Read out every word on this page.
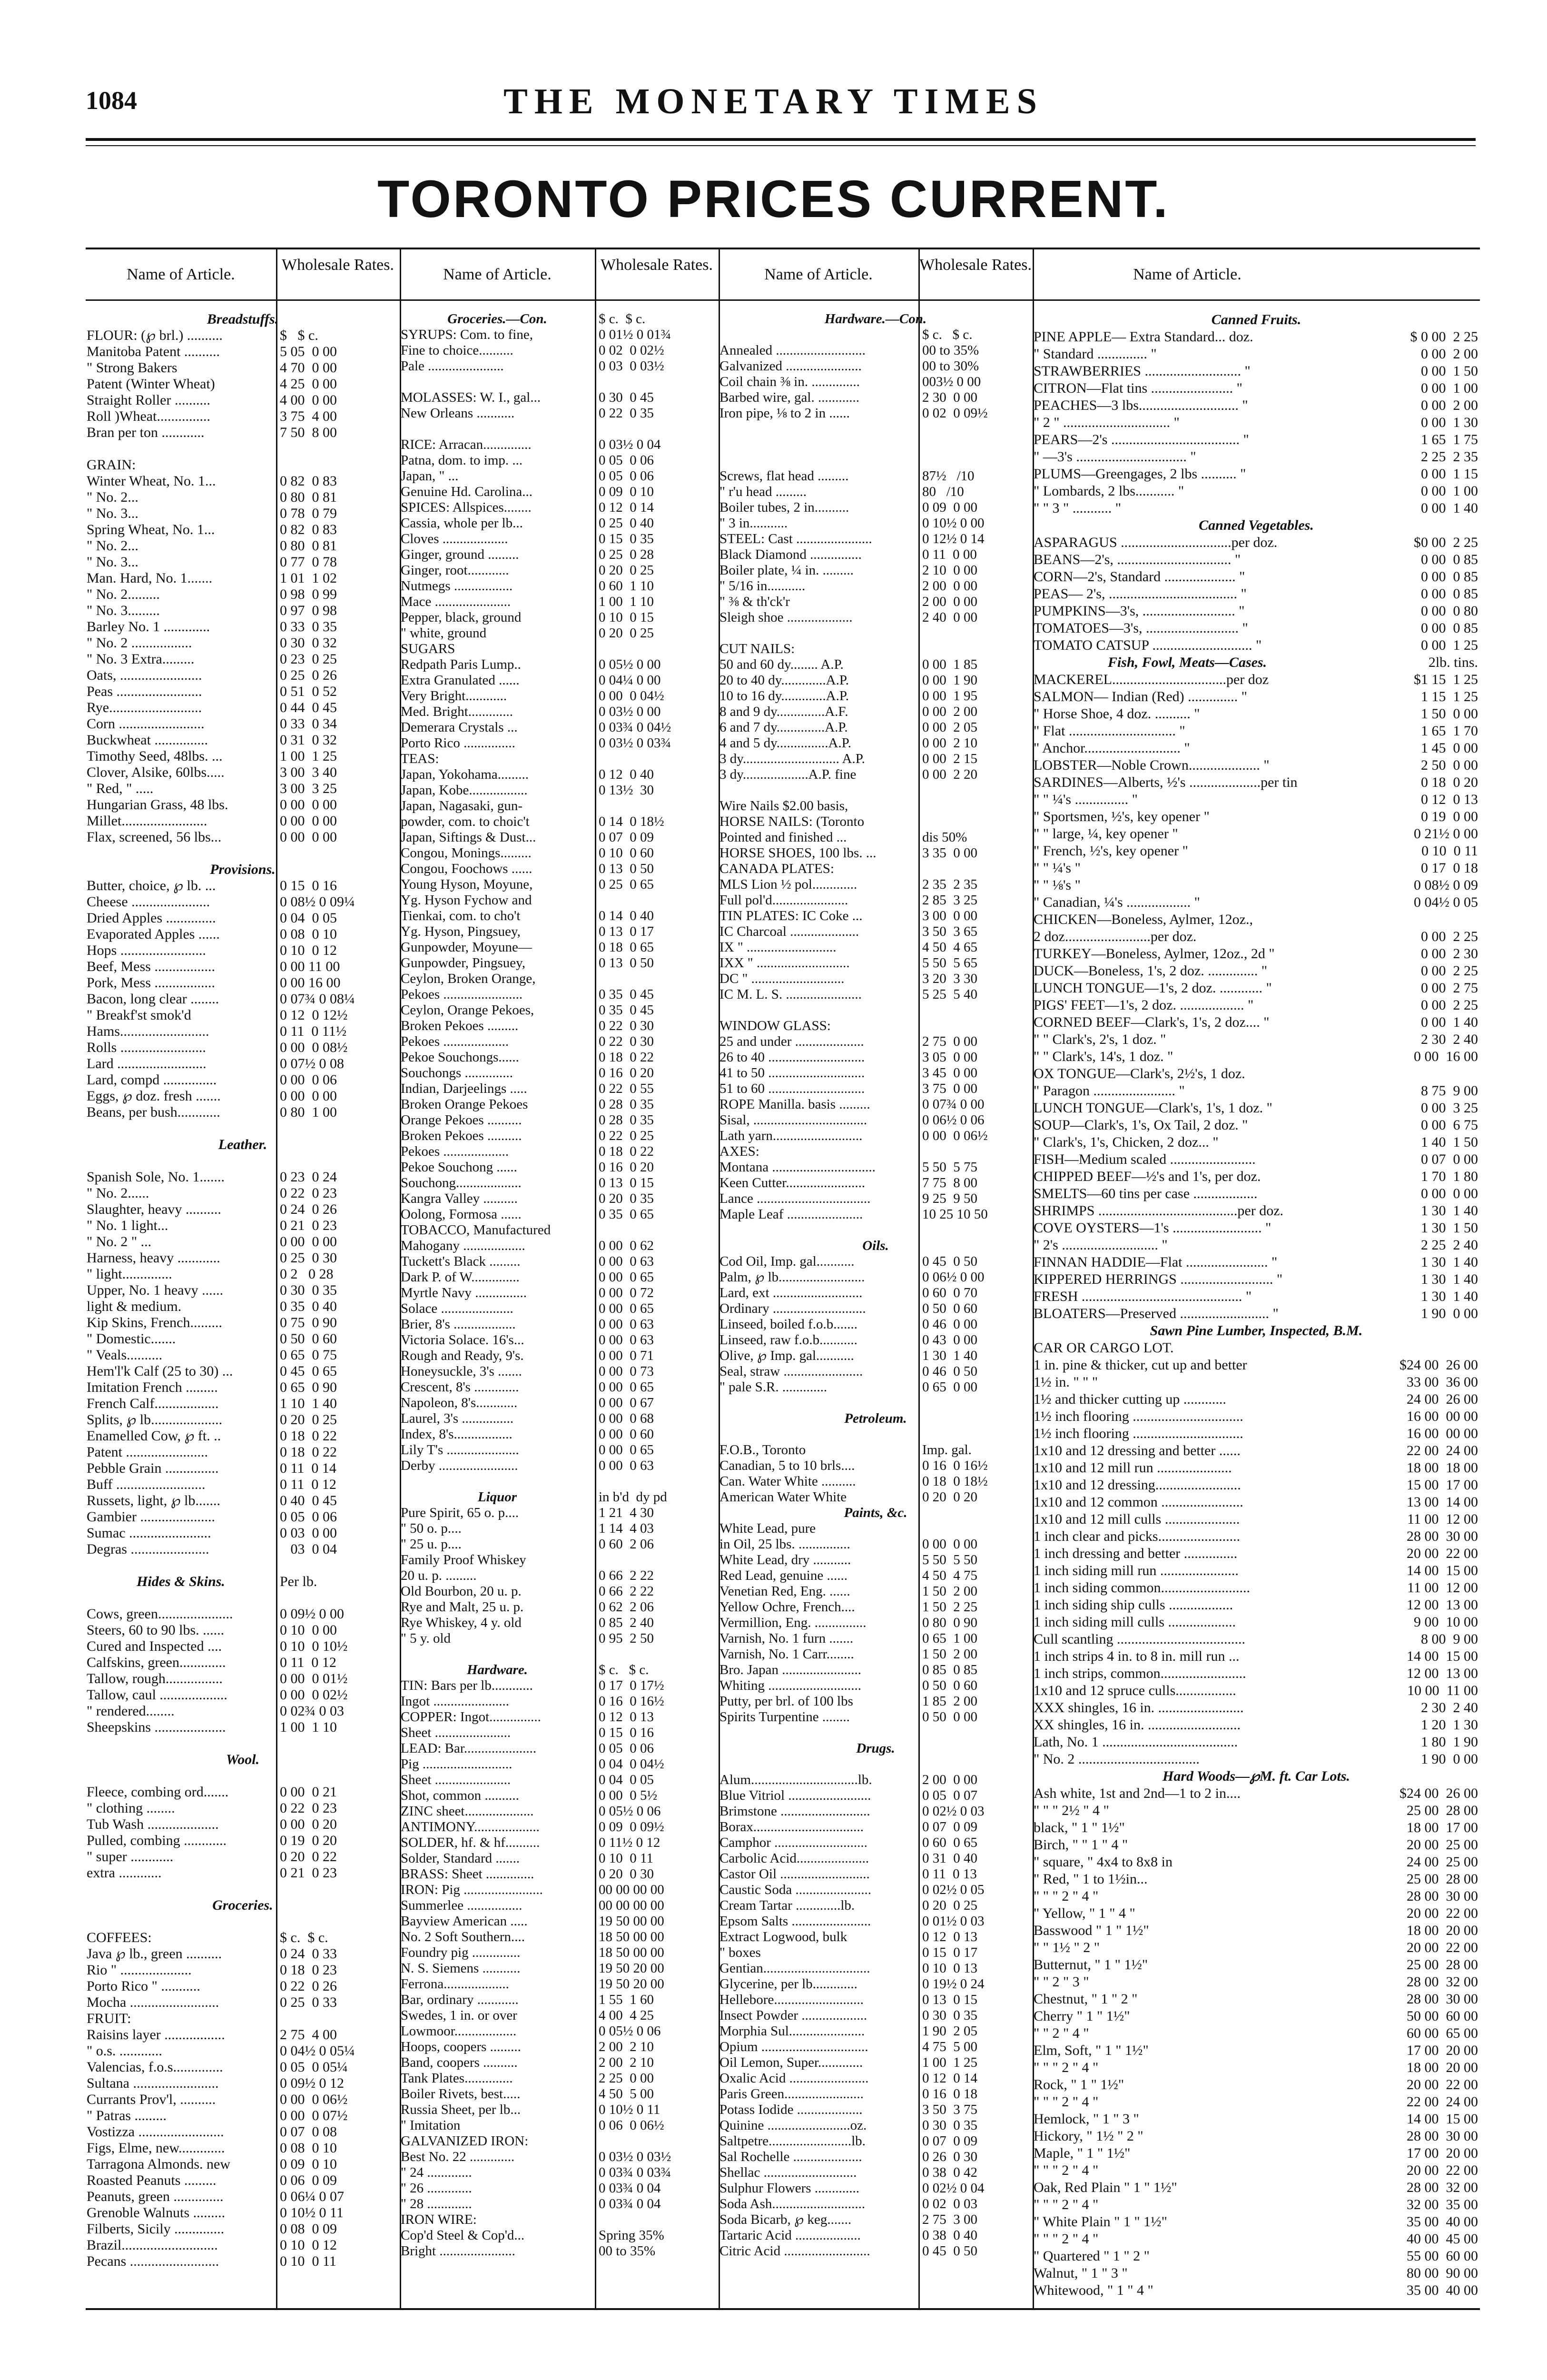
1084	THE MONETARY TIMES
TORONTO PRICES CURRENT.
Name of Article.
Wholesale Rates.
Name of Article.
Wholesale Rates.
Name of Article.
Wholesale Rates.
Name of Article.
Breadstuffs.
FLOUR: (℘ brl.) ..........	$   $ c.
Manitoba Patent ..........	5 05  0 00
" Strong Bakers	4 70  0 00
Patent (Winter Wheat)	4 25  0 00
Straight Roller ..........	4 00  0 00
Roll )Wheat...............	3 75  4 00
Bran per ton ............	7 50  8 00
GRAIN:
Winter Wheat, No. 1...	0 82  0 83
" No. 2...	0 80  0 81
" No. 3...	0 78  0 79
Spring Wheat, No. 1...	0 82  0 83
" No. 2...	0 80  0 81
" No. 3...	0 77  0 78
Man. Hard, No. 1.......	1 01  1 02
" No. 2.........	0 98  0 99
" No. 3.........	0 97  0 98
Barley No. 1 .............	0 33  0 35
" No. 2 .................	0 30  0 32
" No. 3 Extra.........	0 23  0 25
Oats, .......................	0 25  0 26
Peas ........................	0 51  0 52
Rye..........................	0 44  0 45
Corn ........................	0 33  0 34
Buckwheat ...............	0 31  0 32
Timothy Seed, 48lbs. ...	1 00  1 25
Clover, Alsike, 60lbs.....	3 00  3 40
" Red, " .....	3 00  3 25
Hungarian Grass, 48 lbs.	0 00  0 00
Millet........................	0 00  0 00
Flax, screened, 56 lbs...	0 00  0 00
Provisions.
Butter, choice, ℘ lb. ...	0 15  0 16
Cheese ......................	0 08½ 0 09¼
Dried Apples ..............	0 04  0 05
Evaporated Apples ......	0 08  0 10
Hops ........................	0 10  0 12
Beef, Mess .................	0 00 11 00
Pork, Mess .................	0 00 16 00
Bacon, long clear ........	0 07¾ 0 08¼
" Breakf'st smok'd	0 12  0 12½
Hams.........................	0 11  0 11½
Rolls ........................	0 00  0 08½
Lard .........................	0 07½ 0 08
Lard, compd ...............	0 00  0 06
Eggs, ℘ doz. fresh .......	0 00  0 00
Beans, per bush............	0 80  1 00
Leather.
Spanish Sole, No. 1.......	0 23  0 24
" No. 2......	0 22  0 23
Slaughter, heavy ..........	0 24  0 26
" No. 1 light...	0 21  0 23
" No. 2 " ...	0 00  0 00
Harness, heavy ............	0 25  0 30
" light..............	0 2   0 28
Upper, No. 1 heavy ......	0 30  0 35
light & medium.	0 35  0 40
Kip Skins, French.........	0 75  0 90
" Domestic.......	0 50  0 60
" Veals..........	0 65  0 75
Hem'l'k Calf (25 to 30) ...	0 45  0 65
Imitation French .........	0 65  0 90
French Calf..................	1 10  1 40
Splits, ℘ lb....................	0 20  0 25
Enamelled Cow, ℘ ft. ..	0 18  0 22
Patent .......................	0 18  0 22
Pebble Grain ...............	0 11  0 14
Buff .........................	0 11  0 12
Russets, light, ℘ lb.......	0 40  0 45
Gambier .....................	0 05  0 06
Sumac .......................	0 03  0 00
Degras ......................	03  0 04
Hides & Skins.	Per lb.
Cows, green.....................	0 09½ 0 00
Steers, 60 to 90 lbs. ......	0 10  0 00
Cured and Inspected ....	0 10  0 10½
Calfskins, green.............	0 11  0 12
Tallow, rough................	0 00  0 01½
Tallow, caul ...................	0 00  0 02½
" rendered........	0 02¾ 0 03
Sheepskins ....................	1 00  1 10
Wool.
Fleece, combing ord.......	0 00  0 21
" clothing ........	0 22  0 23
Tub Wash ....................	0 00  0 20
Pulled, combing ............	0 19  0 20
" super ............	0 20  0 22
extra ............	0 21  0 23
Groceries.
COFFEES:	$ c.  $ c.
Java ℘ lb., green ..........	0 24  0 33
Rio " ....................	0 18  0 23
Porto Rico " ...........	0 22  0 26
Mocha .........................	0 25  0 33
FRUIT:
Raisins layer .................	2 75  4 00
" o.s. ............	0 04½ 0 05¼
Valencias, f.o.s..............	0 05  0 05¼
Sultana ........................	0 09½ 0 12
Currants Prov'l, ..........	0 00  0 06½
" Patras .........	0 00  0 07½
Vostizza ........................	0 07  0 08
Figs, Elme, new.............	0 08  0 10
Tarragona Almonds. new	0 09  0 10
Roasted Peanuts .........	0 06  0 09
Peanuts, green ..............	0 06¼ 0 07
Grenoble Walnuts .........	0 10½ 0 11
Filberts, Sicily ..............	0 08  0 09
Brazil...........................	0 10  0 12
Pecans .........................	0 10  0 11
Groceries.—Con.	$ c.  $ c.
SYRUPS: Com. to fine,	0 01½ 0 01¾
Fine to choice..........	0 02  0 02½
Pale ......................	0 03  0 03½
MOLASSES: W. I., gal...	0 30  0 45
New Orleans ...........	0 22  0 35
RICE: Arracan..............	0 03½ 0 04
Patna, dom. to imp. ...	0 05  0 06
Japan, " ...	0 05  0 06
Genuine Hd. Carolina...	0 09  0 10
SPICES: Allspices........	0 12  0 14
Cassia, whole per lb...	0 25  0 40
Cloves ...................	0 15  0 35
Ginger, ground .........	0 25  0 28
Ginger, root............	0 20  0 25
Nutmegs .................	0 60  1 10
Mace ......................	1 00  1 10
Pepper, black, ground	0 10  0 15
" white, ground	0 20  0 25
SUGARS
Redpath Paris Lump..	0 05½ 0 00
Extra Granulated ......	0 04¼ 0 00
Very Bright............	0 00  0 04½
Med. Bright.............	0 03½ 0 00
Demerara Crystals ...	0 03¾ 0 04½
Porto Rico ...............	0 03½ 0 03¾
TEAS:
Japan, Yokohama.........	0 12  0 40
Japan, Kobe.................	0 13½  30
Japan, Nagasaki, gun-
powder, com. to choic't	0 14  0 18½
Japan, Siftings & Dust...	0 07  0 09
Congou, Monings.........	0 10  0 60
Congou, Foochows ......	0 13  0 50
Young Hyson, Moyune,	0 25  0 65
Yg. Hyson Fychow and
Tienkai, com. to cho't	0 14  0 40
Yg. Hyson, Pingsuey,	0 13  0 17
Gunpowder, Moyune—	0 18  0 65
Gunpowder, Pingsuey,	0 13  0 50
Ceylon, Broken Orange,
Pekoes .......................	0 35  0 45
Ceylon, Orange Pekoes,	0 35  0 45
Broken Pekoes .........	0 22  0 30
Pekoes ...................	0 22  0 30
Pekoe Souchongs......	0 18  0 22
Souchongs ..............	0 16  0 20
Indian, Darjeelings .....	0 22  0 55
Broken Orange Pekoes	0 28  0 35
Orange Pekoes ..........	0 28  0 35
Broken Pekoes ..........	0 22  0 25
Pekoes ...................	0 18  0 22
Pekoe Souchong ......	0 16  0 20
Souchong...................	0 13  0 15
Kangra Valley ..........	0 20  0 35
Oolong, Formosa ......	0 35  0 65
TOBACCO, Manufactured
Mahogany ..................	0 00  0 62
Tuckett's Black .........	0 00  0 63
Dark P. of W..............	0 00  0 65
Myrtle Navy ...............	0 00  0 72
Solace .....................	0 00  0 65
Brier, 8's ..................	0 00  0 63
Victoria Solace. 16's...	0 00  0 63
Rough and Ready, 9's.	0 00  0 71
Honeysuckle, 3's .......	0 00  0 73
Crescent, 8's .............	0 00  0 65
Napoleon, 8's............	0 00  0 67
Laurel, 3's ...............	0 00  0 68
Index, 8's.................	0 00  0 60
Lily T's .....................	0 00  0 65
Derby .......................	0 00  0 63
Liquor	in b'd  dy pd
Pure Spirit, 65 o. p....	1 21  4 30
" 50 o. p....	1 14  4 03
" 25 u. p....	0 60  2 06
Family Proof Whiskey
20 u. p. .........	0 66  2 22
Old Bourbon, 20 u. p.	0 66  2 22
Rye and Malt, 25 u. p.	0 62  2 06
Rye Whiskey, 4 y. old	0 85  2 40
" 5 y. old	0 95  2 50
Hardware.	$ c.   $ c.
TIN: Bars per lb............	0 17  0 17½
Ingot ......................	0 16  0 16½
COPPER: Ingot...............	0 12  0 13
Sheet ......................	0 15  0 16
LEAD: Bar.....................	0 05  0 06
Pig ..........................	0 04  0 04½
Sheet ......................	0 04  0 05
Shot, common ..........	0 00  0 5½
ZINC sheet....................	0 05½ 0 06
ANTIMONY...................	0 09  0 09½
SOLDER, hf. & hf..........	0 11½ 0 12
Solder, Standard .......	0 10  0 11
BRASS: Sheet ..............	0 20  0 30
IRON: Pig .......................	00 00 00 00
Summerlee ................	00 00 00 00
Bayview American .....	19 50 00 00
No. 2 Soft Southern....	18 50 00 00
Foundry pig ..............	18 50 00 00
N. S. Siemens ...........	19 50 20 00
Ferrona...................	19 50 20 00
Bar, ordinary ............	1 55  1 60
Swedes, 1 in. or over	4 00  4 25
Lowmoor..................	0 05½ 0 06
Hoops, coopers .........	2 00  2 10
Band, coopers ..........	2 00  2 10
Tank Plates..............	2 25  0 00
Boiler Rivets, best.....	4 50  5 00
Russia Sheet, per lb...	0 10½ 0 11
" Imitation	0 06  0 06½
GALVANIZED IRON:
Best No. 22 .............	0 03½ 0 03½
" 24 .............	0 03¾ 0 03¾
" 26 .............	0 03¾ 0 04
" 28 .............	0 03¾ 0 04
IRON WIRE:
Cop'd Steel & Cop'd...	Spring 35%
Bright ......................	00 to 35%
Hardware.—Con.
$ c.   $ c.
Annealed ..........................	00 to 35%
Galvanized ......................	00 to 30%
Coil chain ⅜ in. ..............	003½ 0 00
Barbed wire, gal. ............	2 30  0 00
Iron pipe, ⅛ to 2 in ......	0 02  0 09½
Screws, flat head .........	87½   /10
" r'u head .........	80   /10
Boiler tubes, 2 in..........	0 09  0 00
" 3 in...........	0 10½ 0 00
STEEL: Cast ......................	0 12½ 0 14
Black Diamond ...............	0 11  0 00
Boiler plate, ¼ in. .........	2 10  0 00
" 5/16 in...........	2 00  0 00
" ⅜ & th'ck'r	2 00  0 00
Sleigh shoe ...................	2 40  0 00
CUT NAILS:
50 and 60 dy........ A.P.	0 00  1 85
20 to 40 dy.............A.P.	0 00  1 90
10 to 16 dy.............A.P.	0 00  1 95
8 and 9 dy..............A.F.	0 00  2 00
6 and 7 dy..............A.P.	0 00  2 05
4 and 5 dy...............A.P.	0 00  2 10
3 dy............................ A.P.	0 00  2 15
3 dy...................A.P. fine	0 00  2 20
Wire Nails $2.00 basis,
HORSE NAILS: (Toronto
Pointed and finished ...	dis 50%
HORSE SHOES, 100 lbs. ...	3 35  0 00
CANADA PLATES:
MLS Lion ½ pol.............	2 35  2 35
Full pol'd......................	2 85  3 25
TIN PLATES: IC Coke ...	3 00  0 00
IC Charcoal ....................	3 50  3 65
IX " ..........................	4 50  4 65
IXX " ...........................	5 50  5 65
DC " ...........................	3 20  3 30
IC M. L. S. ......................	5 25  5 40
WINDOW GLASS:
25 and under ....................	2 75  0 00
26 to 40 ............................	3 05  0 00
41 to 50 ............................	3 45  0 00
51 to 60 ............................	3 75  0 00
ROPE Manilla. basis .........	0 07¾ 0 00
Sisal, .................................	0 06½ 0 06
Lath yarn..........................	0 00  0 06½
AXES:
Montana ..............................	5 50  5 75
Keen Cutter.......................	7 75  8 00
Lance .................................	9 25  9 50
Maple Leaf ......................	10 25 10 50
Oils.
Cod Oil, Imp. gal...........	0 45  0 50
Palm, ℘ lb.........................	0 06½ 0 00
Lard, ext ..........................	0 60  0 70
Ordinary ...........................	0 50  0 60
Linseed, boiled f.o.b.......	0 46  0 00
Linseed, raw f.o.b...........	0 43  0 00
Olive, ℘ Imp. gal...........	1 30  1 40
Seal, straw .......................	0 46  0 50
" pale S.R. .............	0 65  0 00
Petroleum.
F.O.B., Toronto	Imp. gal.
Canadian, 5 to 10 brls....	0 16  0 16½
Can. Water White ..........	0 18  0 18½
American Water White	0 20  0 20
Paints, &c.
White Lead, pure
in Oil, 25 lbs. ...............	0 00  0 00
White Lead, dry ...........	5 50  5 50
Red Lead, genuine ......	4 50  4 75
Venetian Red, Eng. ......	1 50  2 00
Yellow Ochre, French....	1 50  2 25
Vermillion, Eng. ...............	0 80  0 90
Varnish, No. 1 furn .......	0 65  1 00
Varnish, No. 1 Carr........	1 50  2 00
Bro. Japan .......................	0 85  0 85
Whiting ...........................	0 50  0 60
Putty, per brl. of 100 lbs	1 85  2 00
Spirits Turpentine ........	0 50  0 00
Drugs.
Alum...............................lb.	2 00  0 00
Blue Vitriol ........................	0 05  0 07
Brimstone ..........................	0 02½ 0 03
Borax................................	0 07  0 09
Camphor ...........................	0 60  0 65
Carbolic Acid.....................	0 31  0 40
Castor Oil ..........................	0 11  0 13
Caustic Soda ......................	0 02½ 0 05
Cream Tartar .............lb.	0 20  0 25
Epsom Salts .......................	0 01½ 0 03
Extract Logwood, bulk	0 12  0 13
" boxes	0 15  0 17
Gentian...............................	0 10  0 13
Glycerine, per lb.............	0 19½ 0 24
Hellebore..........................	0 13  0 15
Insect Powder ...................	0 30  0 35
Morphia Sul......................	1 90  2 05
Opium ...............................	4 75  5 00
Oil Lemon, Super.............	1 00  1 25
Oxalic Acid .......................	0 12  0 14
Paris Green.......................	0 16  0 18
Potass Iodide ...................	3 50  3 75
Quinine ........................oz.	0 30  0 35
Saltpetre........................lb.	0 07  0 09
Sal Rochelle ....................	0 26  0 30
Shellac ...........................	0 38  0 42
Sulphur Flowers .............	0 02½ 0 04
Soda Ash...........................	0 02  0 03
Soda Bicarb, ℘ keg.......	2 75  3 00
Tartaric Acid ...................	0 38  0 40
Citric Acid .........................	0 45  0 50
Canned Fruits.
PINE APPLE— Extra Standard... doz.	$ 0 00  2 25
" Standard .............. "	0 00  2 00
STRAWBERRIES ........................... "	0 00  1 50
CITRON—Flat tins ....................... "	0 00  1 00
PEACHES—3 lbs............................ "	0 00  2 00
" 2 " .............................. "	0 00  1 30
PEARS—2's .................................... "	1 65  1 75
" —3's ............................... "	2 25  2 35
PLUMS—Greengages, 2 lbs .......... "	0 00  1 15
" Lombards, 2 lbs........... "	0 00  1 00
" " 3 " ........... "	0 00  1 40
Canned Vegetables.
ASPARAGUS ...............................per doz.	$0 00  2 25
BEANS—2's, ................................ "	0 00  0 85
CORN—2's, Standard .................... "	0 00  0 85
PEAS— 2's, .................................... "	0 00  0 85
PUMPKINS—3's, .......................... "	0 00  0 80
TOMATOES—3's, .......................... "	0 00  0 85
TOMATO CATSUP ............................ "	0 00  1 25
Fish, Fowl, Meats—Cases.	2lb. tins.
MACKEREL................................per doz	$1 15  1 25
SALMON— Indian (Red) .............. "	1 15  1 25
" Horse Shoe, 4 doz. .......... "	1 50  0 00
" Flat .............................. "	1 65  1 70
" Anchor........................... "	1 45  0 00
LOBSTER—Noble Crown.................... "	2 50  0 00
SARDINES—Alberts, ½'s ....................per tin	0 18  0 20
" " ¼'s ............... "	0 12  0 13
" Sportsmen, ½'s, key opener "	0 19  0 00
" " large, ¼, key opener "	0 21½ 0 00
" French, ½'s, key opener "	0 10  0 11
" " ¼'s "	0 17  0 18
" " ⅛'s "	0 08½ 0 09
" Canadian, ¼'s .................. "	0 04½ 0 05
CHICKEN—Boneless, Aylmer, 12oz.,
2 doz........................per doz.	0 00  2 25
TURKEY—Boneless, Aylmer, 12oz., 2d "	0 00  2 30
DUCK—Boneless, 1's, 2 doz. .............. "	0 00  2 25
LUNCH TONGUE—1's, 2 doz. ............ "	0 00  2 75
PIGS' FEET—1's, 2 doz. .................. "	0 00  2 25
CORNED BEEF—Clark's, 1's, 2 doz.... "	0 00  1 40
" " Clark's, 2's, 1 doz. "	2 30  2 40
" " Clark's, 14's, 1 doz. "	0 00  16 00
OX TONGUE—Clark's, 2½'s, 1 doz.
" Paragon ....................... "	8 75  9 00
LUNCH TONGUE—Clark's, 1's, 1 doz. "	0 00  3 25
SOUP—Clark's, 1's, Ox Tail, 2 doz. "	0 00  6 75
" Clark's, 1's, Chicken, 2 doz... "	1 40  1 50
FISH—Medium scaled ........................	0 07  0 00
CHIPPED BEEF—½'s and 1's, per doz.	1 70  1 80
SMELTS—60 tins per case ..................	0 00  0 00
SHRIMPS .......................................per doz.	1 30  1 40
COVE OYSTERS—1's ......................... "	1 30  1 50
" 2's ........................... "	2 25  2 40
FINNAN HADDIE—Flat ....................... "	1 30  1 40
KIPPERED HERRINGS .......................... "	1 30  1 40
FRESH ............................................. "	1 30  1 40
BLOATERS—Preserved ......................... "	1 90  0 00
Sawn Pine Lumber, Inspected, B.M.
CAR OR CARGO LOT.
1 in. pine & thicker, cut up and better	$24 00  26 00
1½ in. " " "	33 00  36 00
1½ and thicker cutting up ............	24 00  26 00
1½ inch flooring ...............................	16 00  00 00
1½ inch flooring ...............................	16 00  00 00
1x10 and 12 dressing and better ......	22 00  24 00
1x10 and 12 mill run .....................	18 00  18 00
1x10 and 12 dressing........................	15 00  17 00
1x10 and 12 common .......................	13 00  14 00
1x10 and 12 mill culls .....................	11 00  12 00
1 inch clear and picks.......................	28 00  30 00
1 inch dressing and better ...............	20 00  22 00
1 inch siding mill run ......................	14 00  15 00
1 inch siding common.........................	11 00  12 00
1 inch siding ship culls ..................	12 00  13 00
1 inch siding mill culls ...................	9 00  10 00
Cull scantling ....................................	8 00  9 00
1 inch strips 4 in. to 8 in. mill run ...	14 00  15 00
1 inch strips, common........................	12 00  13 00
1x10 and 12 spruce culls.................	10 00  11 00
XXX shingles, 16 in. ........................	2 30  2 40
XX shingles, 16 in. ..........................	1 20  1 30
Lath, No. 1 ......................................	1 80  1 90
" No. 2 ..................................	1 90  0 00
Hard Woods—℘M. ft. Car Lots.
Ash white, 1st and 2nd—1 to 2 in....	$24 00  26 00
" " " 2½ " 4 "	25 00  28 00
black, " 1 " 1½"	18 00  17 00
Birch, " " 1 " 4 "	20 00  25 00
" square, " 4x4 to 8x8 in	24 00  25 00
" Red, " 1 to 1½in...	25 00  28 00
" " " 2 " 4 "	28 00  30 00
" Yellow, " 1 " 4 "	20 00  22 00
Basswood " 1 " 1½"	18 00  20 00
" " 1½ " 2 "	20 00  22 00
Butternut, " 1 " 1½"	25 00  28 00
" " 2 " 3 "	28 00  32 00
Chestnut, " 1 " 2 "	28 00  30 00
Cherry " 1 " 1½"	50 00  60 00
" " 2 " 4 "	60 00  65 00
Elm, Soft, " 1 " 1½"	17 00  20 00
" " " 2 " 4 "	18 00  20 00
Rock, " 1 " 1½"	20 00  22 00
" " " 2 " 4 "	22 00  24 00
Hemlock, " 1 " 3 "	14 00  15 00
Hickory, " 1½ " 2 "	28 00  30 00
Maple, " 1 " 1½"	17 00  20 00
" " " 2 " 4 "	20 00  22 00
Oak, Red Plain " 1 " 1½"	28 00  32 00
" " " 2 " 4 "	32 00  35 00
" White Plain " 1 " 1½"	35 00  40 00
" " " 2 " 4 "	40 00  45 00
" Quartered " 1 " 2 "	55 00  60 00
Walnut, " 1 " 3 "	80 00  90 00
Whitewood, " 1 " 4 "	35 00  40 00
